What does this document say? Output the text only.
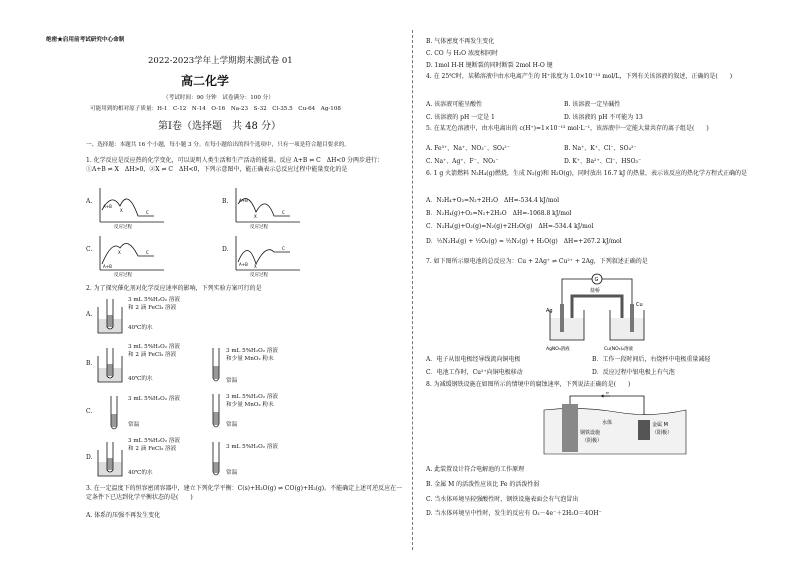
绝密★启用前考试研究中心命制
2022-2023学年上学期期末测试卷 01
高二化学
（考试时间：90 分钟　试卷满分：100 分）
可能用到的相对原子质量：H-1　C-12　N-14　O-16　Na-23　S-32　Cl-35.5　Cu-64　Ag-108
第Ⅰ卷（选择题　共 48 分）
一、选择题：本题共 16 个小题，每小题 3 分。在每小题给出的四个选项中，只有一项是符合题目要求的。
1. 化学反应是反应热的化学变化，可以说明人类生活和生产活动的能量。反应 A+B ⇌ C　ΔH<0 分两步进行：①A+B ⇌ X　ΔH>0，②X ⇌ C　ΔH<0，下列示意图中，能正确表示总反应过程中能量变化的是
A.
A+B
X	C
反应过程
B.	A+B
X
C
反应过程
C.
A+B
X	C
反应过程
D.
A+B X
C
反应过程
2. 为了探究催化剂对化学反应速率的影响，下列实验方案可行的是
A.
3 mL 5%H₂O₂ 溶液
和 2 滴 FeCl₃ 溶液
40℃的水
B.
3 mL 5%H₂O₂ 溶液
和 2 滴 FeCl₃ 溶液
40℃的水
3 mL 5%H₂O₂ 溶液
和少量 MnO₂ 粉末
常温
C.
3 mL 5%H₂O₂ 溶液
常温
3 mL 5%H₂O₂ 溶液
和少量 MnO₂ 粉末
常温
D.
3 mL 5%H₂O₂ 溶液
和 2 滴 FeCl₃ 溶液
40℃的水
3 mL 5%H₂O₂ 溶液
常温
3. 在一定温度下的恒容密闭容器中，建立下列化学平衡：C(s)+H₂O(g) ⇌ CO(g)+H₂(g)。不能确定上述可逆反应在一定条件下已达到化学平衡状态的是(　　)
A. 体系的压强不再发生变化
B. 气体密度不再发生变化
C. CO 与 H₂O 浓度相同时
D. 1mol H-H 键断裂的同时断裂 2mol H-O 键
4. 在 25℃时，某稀溶液中由水电离产生的 H⁺浓度为 1.0×10⁻¹³ mol/L，下列有关该溶液的叙述，正确的是(　　)
A. 该溶液可能呈酸性	B. 该溶液一定呈碱性
C. 该溶液的 pH 一定是 1	D. 该溶液的 pH 不可能为 13
5. 在某无色溶液中，由水电离出的 c(H⁺)=1×10⁻¹³ mol·L⁻¹，该溶液中一定能大量共存的离子组是(　　)
A. Fe³⁺、Na⁺、NO₃⁻、SO₄²⁻	B. Na⁺、K⁺、Cl⁻、SO₄²⁻
C. Na⁺、Ag⁺、F⁻、NO₃⁻	D. K⁺、Ba²⁺、Cl⁻、HSO₃⁻
6. 1 g 火箭燃料 N₂H₄(g)燃烧，生成 N₂(g)和 H₂O(g)，同时放出 16.7 kJ 的热量，表示该反应的热化学方程式正确的是
A．N₂H₄+O₂=N₂+2H₂O　ΔH=-534.4 kJ/mol
B．N₂H₄(g)+O₂=N₂+2H₂O　ΔH=-1068.8 kJ/mol
C．N₂H₄(g)+O₂(g)=N₂(g)+2H₂O(g)　ΔH=-534.4 kJ/mol
D．½N₂H₄(g) + ½O₂(g) = ½N₂(g) + H₂O(g)　ΔH=+267.2 kJ/mol
7. 如下图所示原电池的总反应为：Cu + 2Ag⁺ ⇌ Cu²⁺ + 2Ag，下列叙述正确的是
G
盐桥
Ag
Cu
AgNO₃溶液	Cu(NO₃)₂溶液
A．电子从银电极经导线流向铜电极	B．工作一段时间后，右烧杯中电极重量减轻
C．电池工作时，Cu²⁺向铜电极移动	D．反应过程中银电极上有气泡
8. 为减缓钢铁设施在如图所示的情境中的腐蚀速率，下列说法正确的是(　　)
e⁻
水体
钢铁设施
（阴极）
金属 M
（阳极）
A. 此装置设计符合电解池的工作原理
B. 金属 M 的活泼性应该比 Fe 的活泼性弱
C. 当水体环境呈较强酸性时，钢铁设施表面会有气泡冒出
D. 当水体环境呈中性时，发生的反应有 O₂－4e⁻＋2H₂O＝4OH⁻
